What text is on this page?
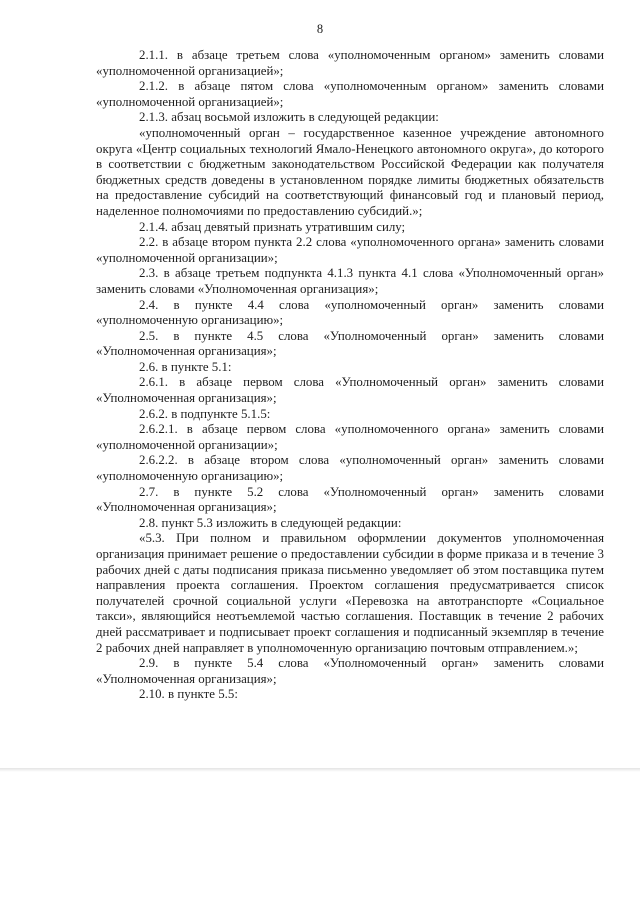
8

2.1.1. в абзаце третьем слова «уполномоченным органом» заменить словами «уполномоченной организацией»;

2.1.2. в абзаце пятом слова «уполномоченным органом» заменить словами «уполномоченной организацией»;

2.1.3. абзац восьмой изложить в следующей редакции:

«уполномоченный орган – государственное казенное учреждение автономного округа «Центр социальных технологий Ямало-Ненецкого автономного округа», до которого в соответствии с бюджетным законодательством Российской Федерации как получателя бюджетных средств доведены в установленном порядке лимиты бюджетных обязательств на предоставление субсидий на соответствующий финансовый год и плановый период, наделенное полномочиями по предоставлению субсидий.»;

2.1.4. абзац девятый признать утратившим силу;

2.2. в абзаце втором пункта 2.2 слова «уполномоченного органа» заменить словами «уполномоченной организации»;

2.3. в абзаце третьем подпункта 4.1.3 пункта 4.1 слова «Уполномоченный орган» заменить словами «Уполномоченная организация»;

2.4. в пункте 4.4 слова «уполномоченный орган» заменить словами «уполномоченную организацию»;

2.5. в пункте 4.5 слова «Уполномоченный орган» заменить словами «Уполномоченная организация»;

2.6. в пункте 5.1:

2.6.1. в абзаце первом слова «Уполномоченный орган» заменить словами «Уполномоченная организация»;

2.6.2. в подпункте 5.1.5:

2.6.2.1. в абзаце первом слова «уполномоченного органа» заменить словами «уполномоченной организации»;

2.6.2.2. в абзаце втором слова «уполномоченный орган» заменить словами «уполномоченную организацию»;

2.7. в пункте 5.2 слова «Уполномоченный орган» заменить словами «Уполномоченная организация»;

2.8. пункт 5.3 изложить в следующей редакции:

«5.3. При полном и правильном оформлении документов уполномоченная организация принимает решение о предоставлении субсидии в форме приказа и в течение 3 рабочих дней с даты подписания приказа письменно уведомляет об этом поставщика путем направления проекта соглашения. Проектом соглашения предусматривается список получателей срочной социальной услуги «Перевозка на автотранспорте «Социальное такси», являющийся неотъемлемой частью соглашения. Поставщик в течение 2 рабочих дней рассматривает и подписывает проект соглашения и подписанный экземпляр в течение 2 рабочих дней направляет в уполномоченную организацию почтовым отправлением.»;

2.9. в пункте 5.4 слова «Уполномоченный орган» заменить словами «Уполномоченная организация»;

2.10. в пункте 5.5:
